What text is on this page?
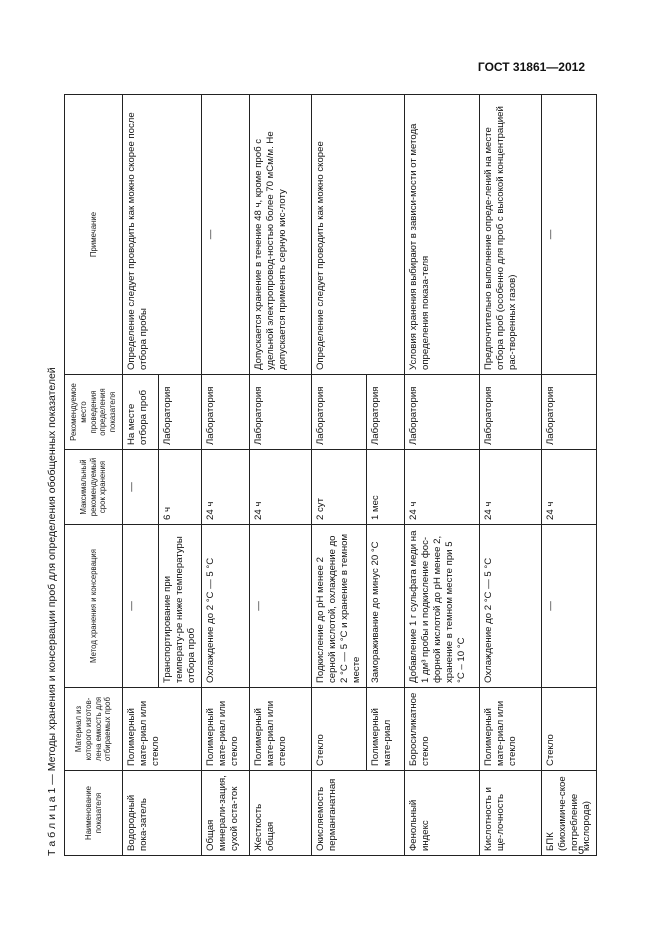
ГОСТ 31861—2012
Т а б л и ц а 1 — Методы хранения и консервации проб для определения обобщенных показателей	Наименование показателя	Материал из которого изготов-лена емкость для отбираемых проб	Метод хранения и консервация	Максимальный рекомендуемый срок хранения	Рекомендуемое место проведения определения показателя	Примечание
Водородный пока-затель	Полимерный мате-риал или стекло	—	—	На месте отбора проб	Определение следует проводить как можно скорее после отбора пробы
		Транспортирование при температу-ре ниже температуры отбора проб	6 ч	Лаборатория	
Общая минерали-зация, сухой оста-ток	Полимерный мате-риал или стекло	Охлаждение до 2 °С — 5 °С	24 ч	Лаборатория	—
Жесткость общая	Полимерный мате-риал или стекло	—	24 ч	Лаборатория	Допускается хранение в течение 48 ч, кроме проб с удельной электропровод-ностью более 70 мСм/м. Не допускается применять серную кис-лоту
Окисляемость перманганатная	Стекло	Подкисление до рН менее 2 серной кислотой, охлаждение до 2 °С — 5 °С и хранение в темном месте	2 сут	Лаборатория	Определение следует проводить как можно скорее
	Полимерный мате-риал	Замораживание до минус 20 °С	1 мес	Лаборатория	
Фенольный индекс	Боросиликатное стекло	Добавление 1 г сульфата меди на 1 дм³ пробы и подкисление фос-форной кислотой до рН менее 2, хранение в темном месте при 5 °С – 10 °С	24 ч	Лаборатория	Условия хранения выбирают в зависи-мости от метода определения показа-теля
Кислотность и ще-лочность	Полимерный мате-риал или стекло	Охлаждение до 2 °С — 5 °С	24 ч	Лаборатория	Предпочтительно выполнение опреде-лений на месте отбора проб (особенно для проб с высокой концентрацией рас-творенных газов)
БПК (биохимиче-ское потребление кислорода)	Стекло	—	24 ч	Лаборатория	—
5
